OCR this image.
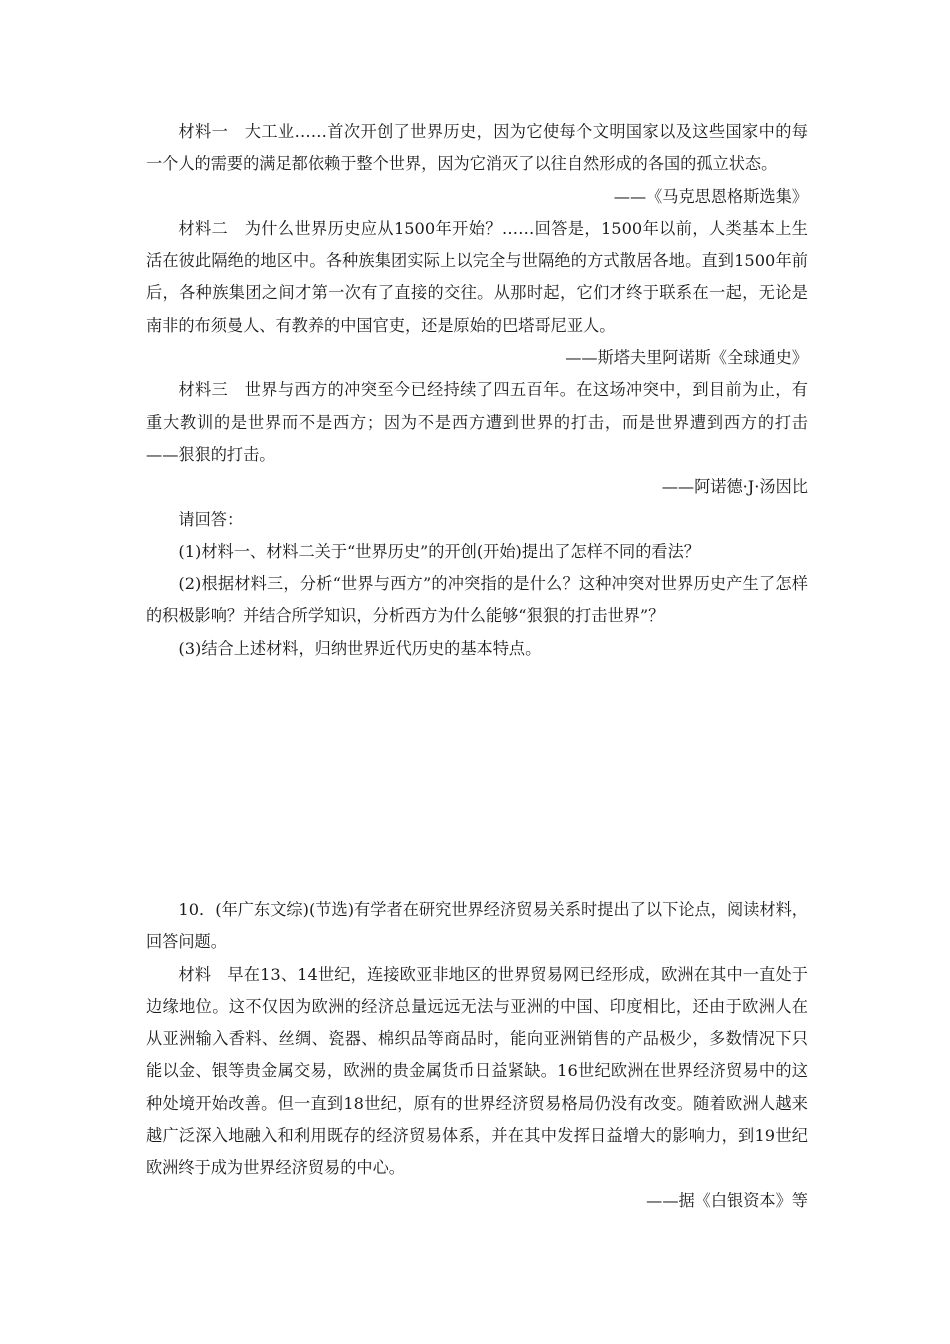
材料一　大工业……首次开创了世界历史，因为它使每个文明国家以及这些国家中的每一个人的需要的满足都依赖于整个世界，因为它消灭了以往自然形成的各国的孤立状态。

——《马克思恩格斯选集》

材料二　为什么世界历史应从1500年开始？……回答是，1500年以前，人类基本上生活在彼此隔绝的地区中。各种族集团实际上以完全与世隔绝的方式散居各地。直到1500年前后，各种族集团之间才第一次有了直接的交往。从那时起，它们才终于联系在一起，无论是南非的布须曼人、有教养的中国官吏，还是原始的巴塔哥尼亚人。

——斯塔夫里阿诺斯《全球通史》

材料三　世界与西方的冲突至今已经持续了四五百年。在这场冲突中，到目前为止，有重大教训的是世界而不是西方；因为不是西方遭到世界的打击，而是世界遭到西方的打击——狠狠的打击。

——阿诺德·J·汤因比

请回答：

(1)材料一、材料二关于“世界历史”的开创(开始)提出了怎样不同的看法？

(2)根据材料三，分析“世界与西方”的冲突指的是什么？这种冲突对世界历史产生了怎样的积极影响？并结合所学知识，分析西方为什么能够“狠狠的打击世界”？

(3)结合上述材料，归纳世界近代历史的基本特点。

10．(年广东文综)(节选)有学者在研究世界经济贸易关系时提出了以下论点，阅读材料，回答问题。

材料　早在13、14世纪，连接欧亚非地区的世界贸易网已经形成，欧洲在其中一直处于边缘地位。这不仅因为欧洲的经济总量远远无法与亚洲的中国、印度相比，还由于欧洲人在从亚洲输入香料、丝绸、瓷器、棉织品等商品时，能向亚洲销售的产品极少，多数情况下只能以金、银等贵金属交易，欧洲的贵金属货币日益紧缺。16世纪欧洲在世界经济贸易中的这种处境开始改善。但一直到18世纪，原有的世界经济贸易格局仍没有改变。随着欧洲人越来越广泛深入地融入和利用既存的经济贸易体系，并在其中发挥日益增大的影响力，到19世纪欧洲终于成为世界经济贸易的中心。

——据《白银资本》等
